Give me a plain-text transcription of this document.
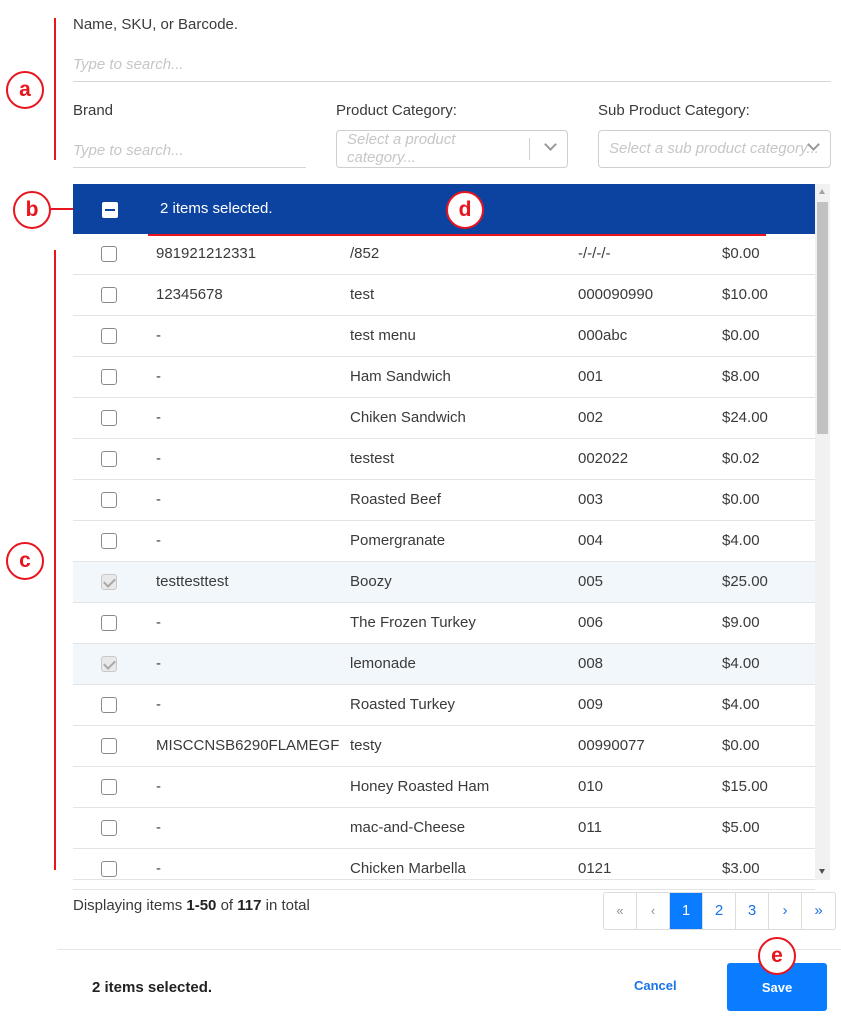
Name, SKU, or Barcode.
Type to search...
Brand
Type to search...
Product Category:
Select a product category...
Sub Product Category:
Select a sub product category...
2 items selected.
981921212331	/852	-/-/-/-	$0.00
12345678	test	000090990	$10.00
-	test menu	000abc	$0.00
-	Ham Sandwich	001	$8.00
-	Chiken Sandwich	002	$24.00
-	testest	002022	$0.02
-	Roasted Beef	003	$0.00
-	Pomergranate	004	$4.00
testtesttest	Boozy	005	$25.00
-	The Frozen Turkey	006	$9.00
-	lemonade	008	$4.00
-	Roasted Turkey	009	$4.00
MISCCNSB6290FLAMEGF testy	00990077	$0.00
-	Honey Roasted Ham	010	$15.00
-	mac-and-Cheese	011	$5.00
-	Chicken Marbella	0121	$3.00
a
b
c
d
Displaying items 1-50 of 117 in total	«	‹	1	2	3	›	»
2 items selected.	Cancel	Save
e
